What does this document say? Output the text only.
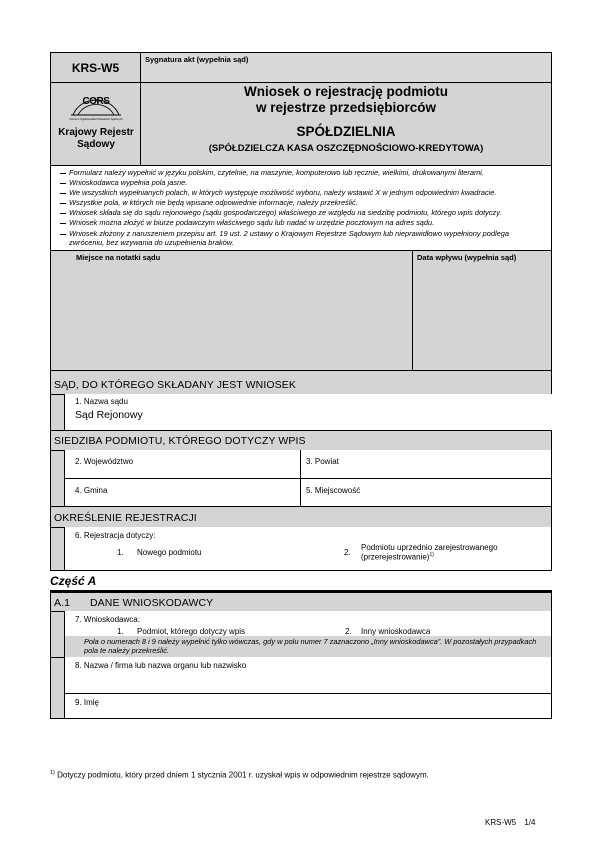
KRS-W5
CORS
Centrum Ogólnopolskich Rejestrów Sądowych
Krajowy Rejestr
Sądowy
Sygnatura akt (wypełnia sąd)
Wniosek o rejestrację podmiotu
w rejestrze przedsiębiorców
SPÓŁDZIELNIA
(SPÓŁDZIELCZA KASA OSZCZĘDNOŚCIOWO-KREDYTOWA)
Formularz należy wypełnić w języku polskim, czytelnie, na maszynie, komputerowo lub ręcznie, wielkimi, drukowanymi literami.
Wnioskodawca wypełnia pola jasne.
We wszystkich wypełnianych polach, w których występuje możliwość wyboru, należy wstawić X w jednym odpowiednim kwadracie.
Wszystkie pola, w których nie będą wpisane odpowiednie informacje, należy przekreślić.
Wniosek składa się do sądu rejonowego (sądu gospodarczego) właściwego ze względu na siedzibę podmiotu, którego wpis dotyczy.
Wniosek można złożyć w biurze podawczym właściwego sądu lub nadać w urzędzie pocztowym na adres sądu.
Wniosek złożony z naruszeniem przepisu art. 19 ust. 2 ustawy o Krajowym Rejestrze Sądowym lub nieprawidłowo wypełniony podlega zwróceniu, bez wzywania do uzupełnienia braków.
Miejsce na notatki sądu	Data wpływu (wypełnia sąd)
SĄD, DO KTÓREGO SKŁADANY JEST WNIOSEK
1. Nazwa sądu
Sąd Rejonowy
SIEDZIBA PODMIOTU, KTÓREGO DOTYCZY WPIS
2. Województwo	3. Powiat
4. Gmina	5. Miejscowość
OKREŚLENIE REJESTRACJI
6. Rejestracja dotyczy:
1. Nowego podmiotu	2.
Podmiotu uprzednio zarejestrowanego
(przerejestrowanie)$^{1)}$
Część A
A.1 DANE WNIOSKODAWCY
7. Wnioskodawca:
1. Podmiot, którego dotyczy wpis	2. Inny wnioskodawca
Pola o numerach 8 i 9 należy wypełnić tylko wówczas, gdy w polu numer 7 zaznaczono „Inny wnioskodawca”. W pozostałych przypadkach pola te należy przekreślić.
8. Nazwa / firma lub nazwa organu lub nazwisko
9. Imię
$^{1)}$ Dotyczy podmiotu, który przed dniem 1 stycznia 2001 r. uzyskał wpis w odpowiednim rejestrze sądowym.
KRS-W5 1/4
